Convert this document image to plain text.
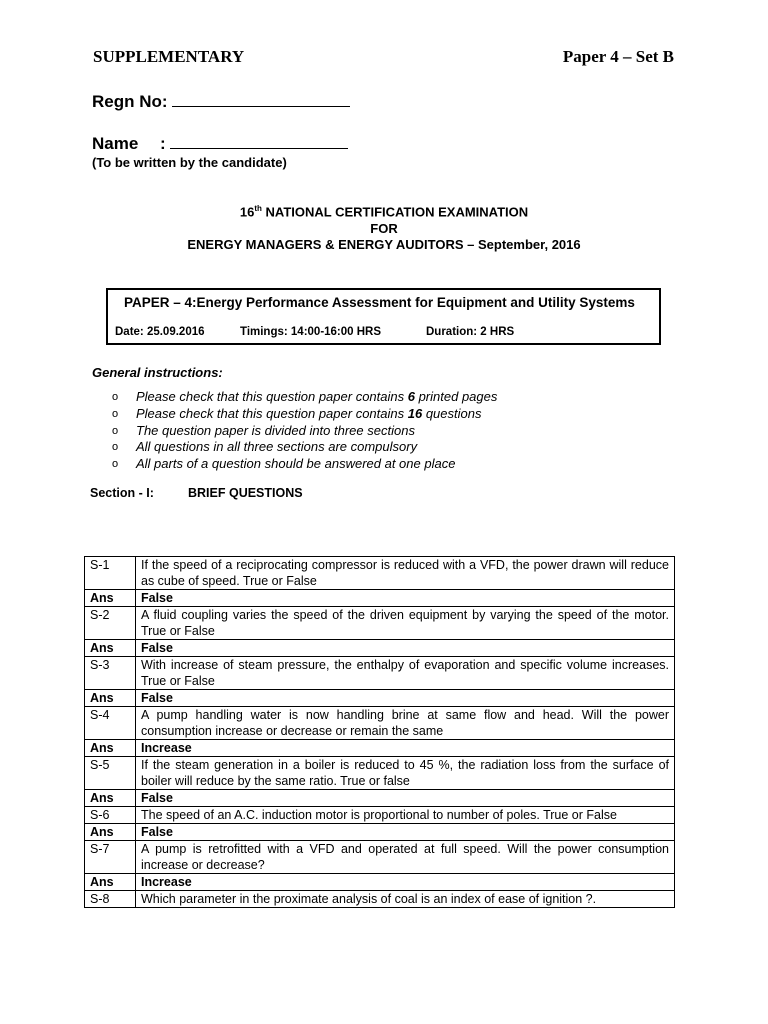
SUPPLEMENTARY	Paper 4 – Set B
Regn No:
Name :
(To be written by the candidate)
16th NATIONAL CERTIFICATION EXAMINATION
FOR
ENERGY MANAGERS & ENERGY AUDITORS – September, 2016
PAPER – 4:Energy Performance Assessment for Equipment and Utility Systems
Date: 25.09.2016	Timings: 14:00-16:00 HRS	Duration: 2 HRS
General instructions:
o Please check that this question paper contains 6 printed pages
o Please check that this question paper contains 16 questions
o The question paper is divided into three sections
o All questions in all three sections are compulsory
o All parts of a question should be answered at one place
Section - I:	BRIEF QUESTIONS
S-1	If the speed of a reciprocating compressor is reduced with a VFD, the power drawn will reduce as cube of speed. True or False
Ans	False
S-2	A fluid coupling varies the speed of the driven equipment by varying the speed of the motor. True or False
Ans	False
S-3	With increase of steam pressure, the enthalpy of evaporation and specific volume increases. True or False
Ans	False
S-4	A pump handling water is now handling brine at same flow and head. Will the power consumption increase or decrease or remain the same
Ans	Increase
S-5	If the steam generation in a boiler is reduced to 45 %, the radiation loss from the surface of boiler will reduce by the same ratio. True or false
Ans	False
S-6	The speed of an A.C. induction motor is proportional to number of poles. True or False
Ans	False
S-7	A pump is retrofitted with a VFD and operated at full speed. Will the power consumption increase or decrease?
Ans	Increase
S-8	Which parameter in the proximate analysis of coal is an index of ease of ignition ?.
